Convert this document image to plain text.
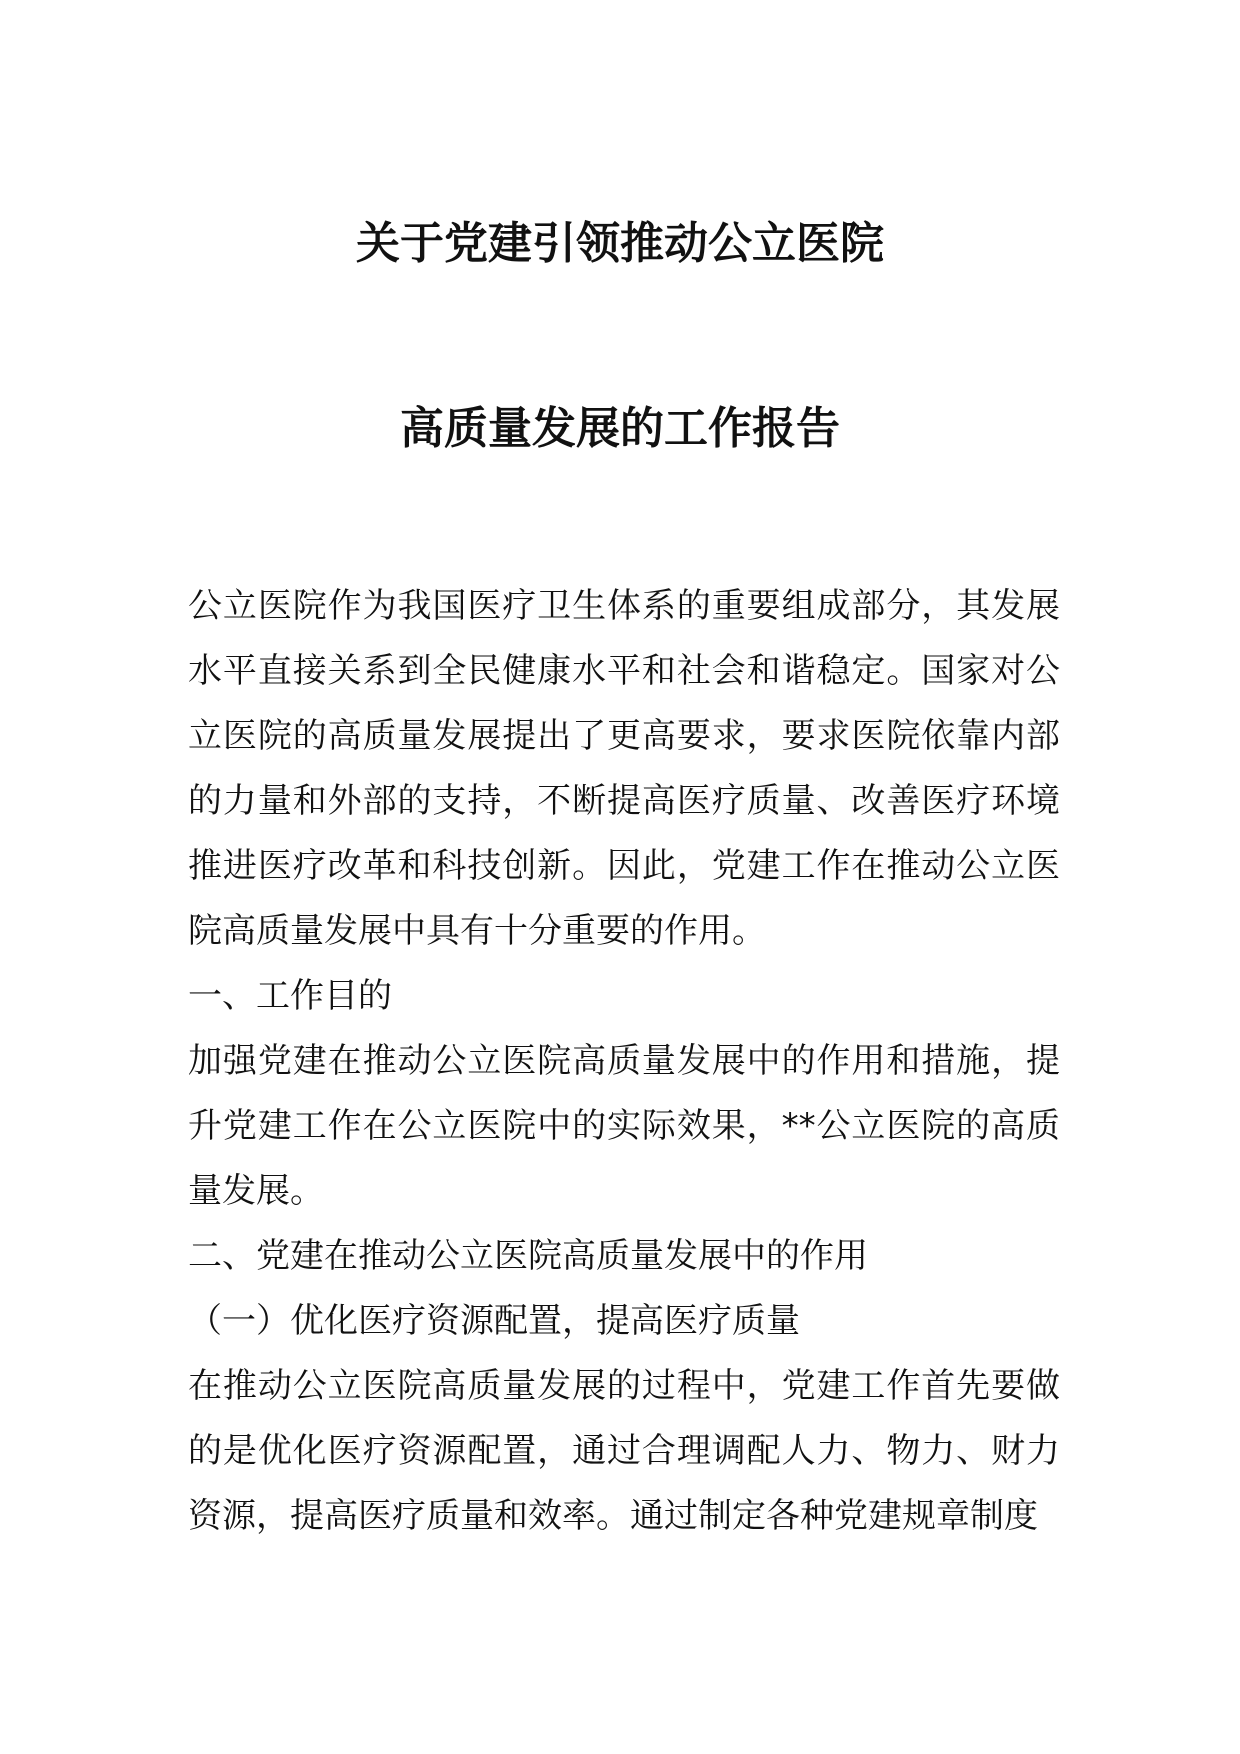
关于党建引领推动公立医院
高质量发展的工作报告

公立医院作为我国医疗卫生体系的重要组成部分，其发展水平直接关系到全民健康水平和社会和谐稳定。国家对公立医院的高质量发展提出了更高要求，要求医院依靠内部的力量和外部的支持，不断提高医疗质量、改善医疗环境推进医疗改革和科技创新。因此，党建工作在推动公立医院高质量发展中具有十分重要的作用。

一、工作目的

加强党建在推动公立医院高质量发展中的作用和措施，提升党建工作在公立医院中的实际效果，**公立医院的高质量发展。

二、党建在推动公立医院高质量发展中的作用

（一）优化医疗资源配置，提高医疗质量

在推动公立医院高质量发展的过程中，党建工作首先要做的是优化医疗资源配置，通过合理调配人力、物力、财力资源，提高医疗质量和效率。通过制定各种党建规章制度
